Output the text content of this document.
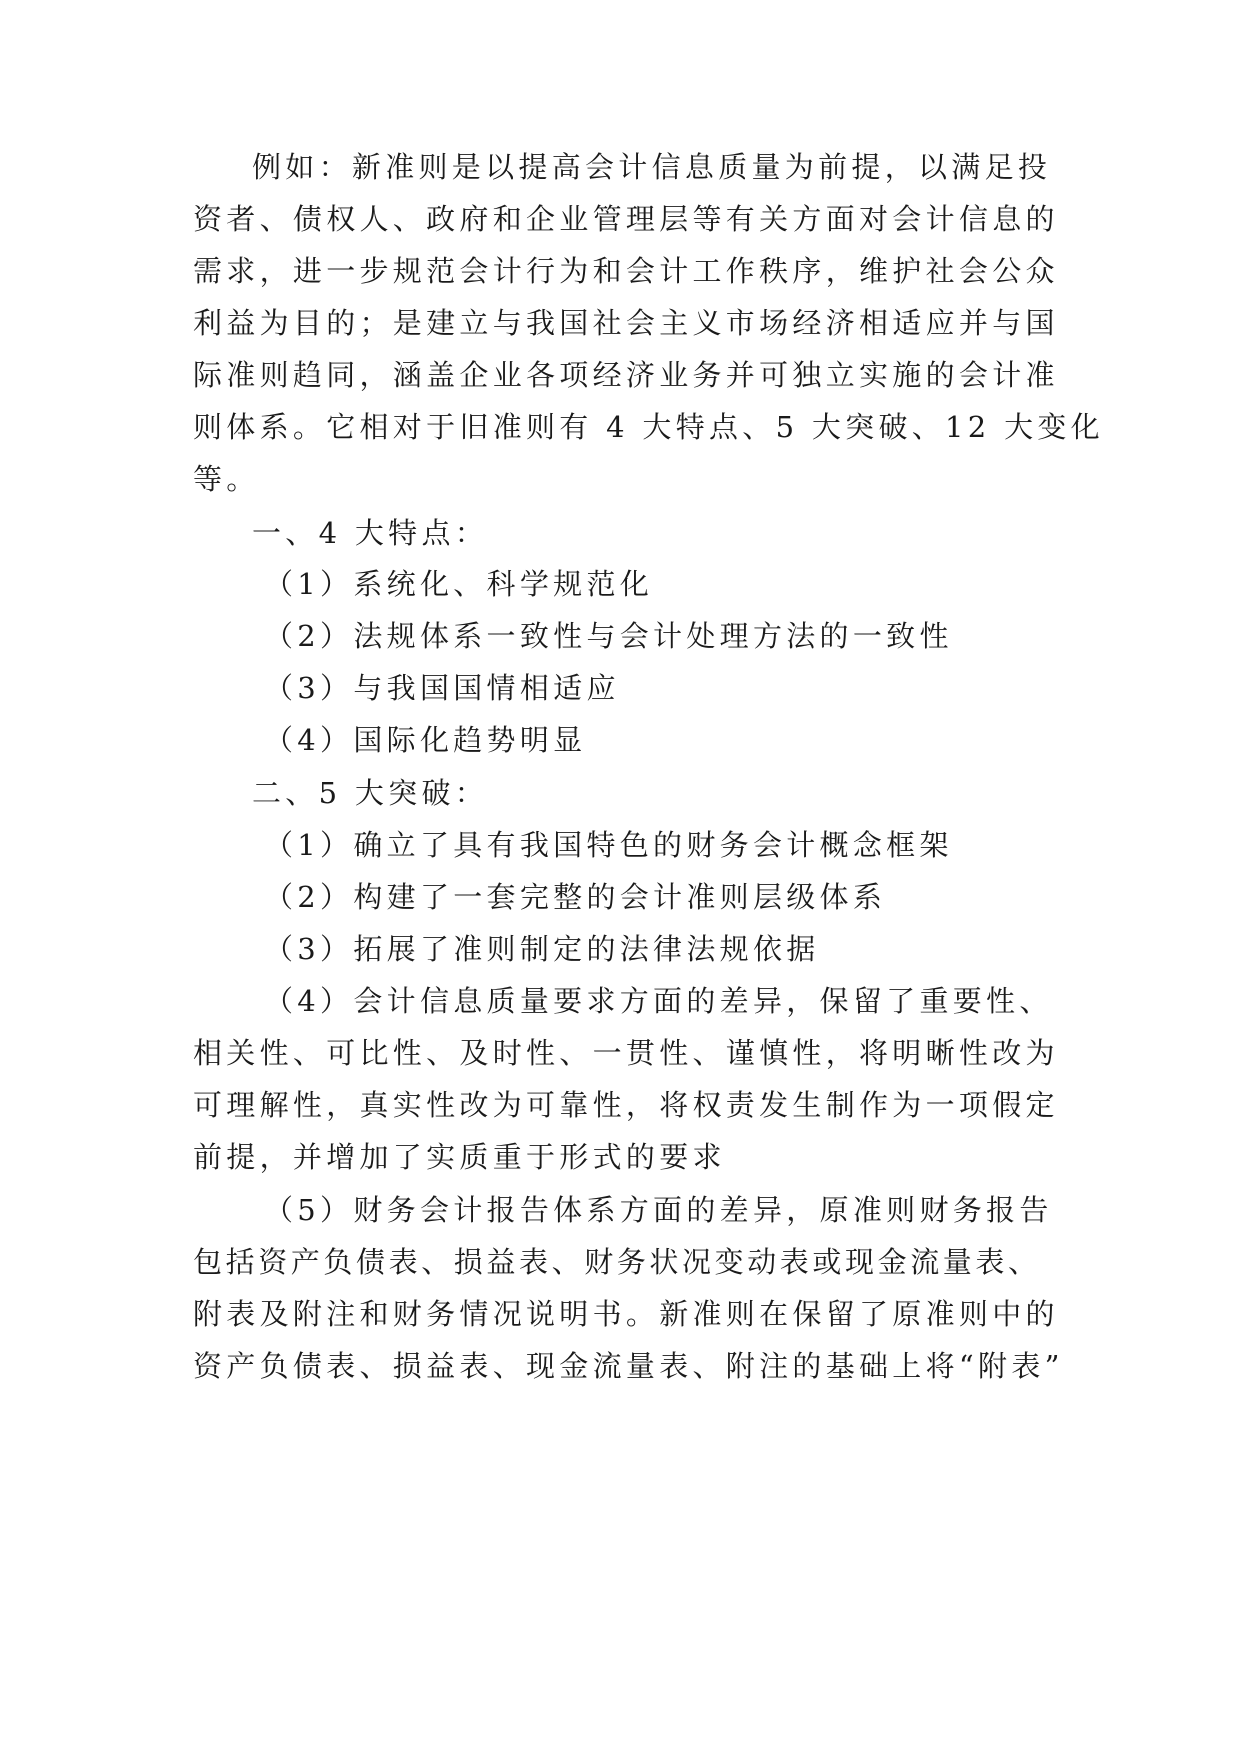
例如：新准则是以提高会计信息质量为前提，以满足投
资者、债权人、政府和企业管理层等有关方面对会计信息的
需求，进一步规范会计行为和会计工作秩序，维护社会公众
利益为目的；是建立与我国社会主义市场经济相适应并与国
际准则趋同，涵盖企业各项经济业务并可独立实施的会计准
则体系。它相对于旧准则有 4 大特点、5 大突破、12 大变化
等。
一、4 大特点：
（1）系统化、科学规范化
（2）法规体系一致性与会计处理方法的一致性
（3）与我国国情相适应
（4）国际化趋势明显
二、5 大突破：
（1）确立了具有我国特色的财务会计概念框架
（2）构建了一套完整的会计准则层级体系
（3）拓展了准则制定的法律法规依据
（4）会计信息质量要求方面的差异，保留了重要性、
相关性、可比性、及时性、一贯性、谨慎性，将明晰性改为
可理解性，真实性改为可靠性，将权责发生制作为一项假定
前提，并增加了实质重于形式的要求
（5）财务会计报告体系方面的差异，原准则财务报告
包括资产负债表、损益表、财务状况变动表或现金流量表、
附表及附注和财务情况说明书。新准则在保留了原准则中的
资产负债表、损益表、现金流量表、附注的基础上将“附表”
